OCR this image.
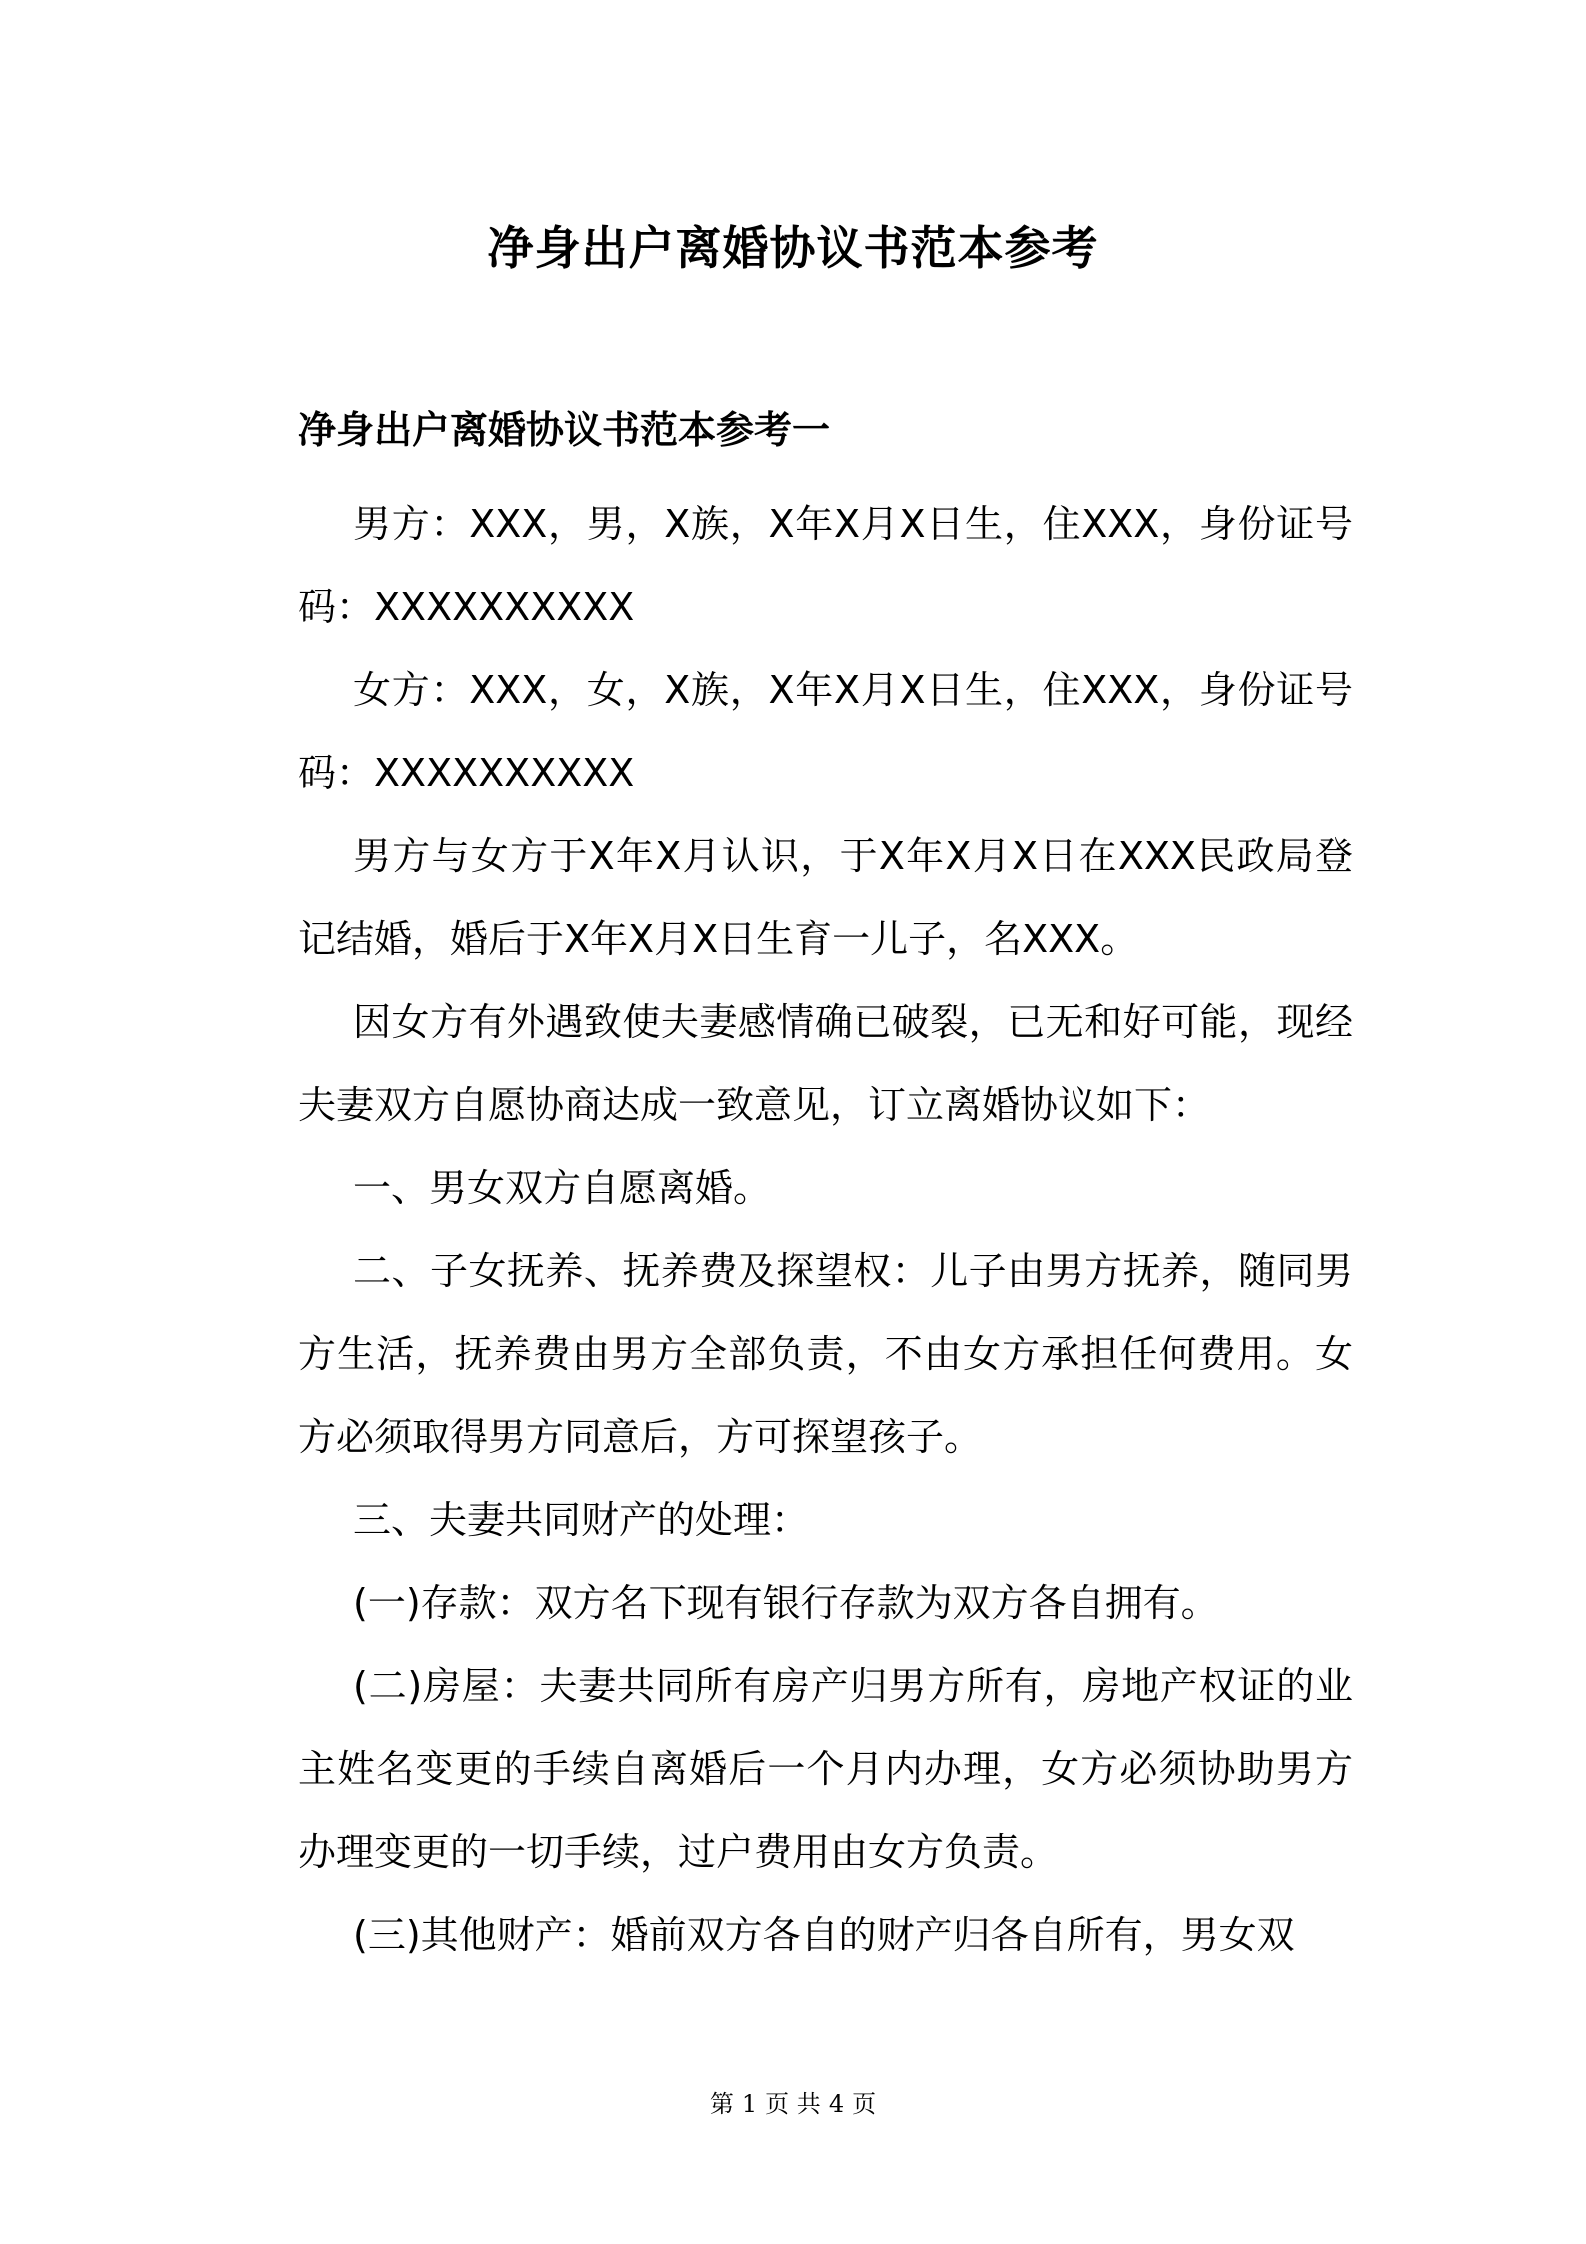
净身出户离婚协议书范本参考
净身出户离婚协议书范本参考一

男方：XXX，男，X族，X年X月X日生，住XXX，身份证号码：XXXXXXXXXX

女方：XXX，女，X族，X年X月X日生，住XXX，身份证号码：XXXXXXXXXX

男方与女方于X年X月认识，于X年X月X日在XXX民政局登记结婚，婚后于X年X月X日生育一儿子，名XXX。

因女方有外遇致使夫妻感情确已破裂，已无和好可能，现经夫妻双方自愿协商达成一致意见，订立离婚协议如下：

一、男女双方自愿离婚。

二、子女抚养、抚养费及探望权：儿子由男方抚养，随同男方生活，抚养费由男方全部负责，不由女方承担任何费用。女方必须取得男方同意后，方可探望孩子。

三、夫妻共同财产的处理：

(一)存款：双方名下现有银行存款为双方各自拥有。

(二)房屋：夫妻共同所有房产归男方所有，房地产权证的业主姓名变更的手续自离婚后一个月内办理，女方必须协助男方办理变更的一切手续，过户费用由女方负责。

(三)其他财产：婚前双方各自的财产归各自所有，男女双

第 1 页 共 4 页
